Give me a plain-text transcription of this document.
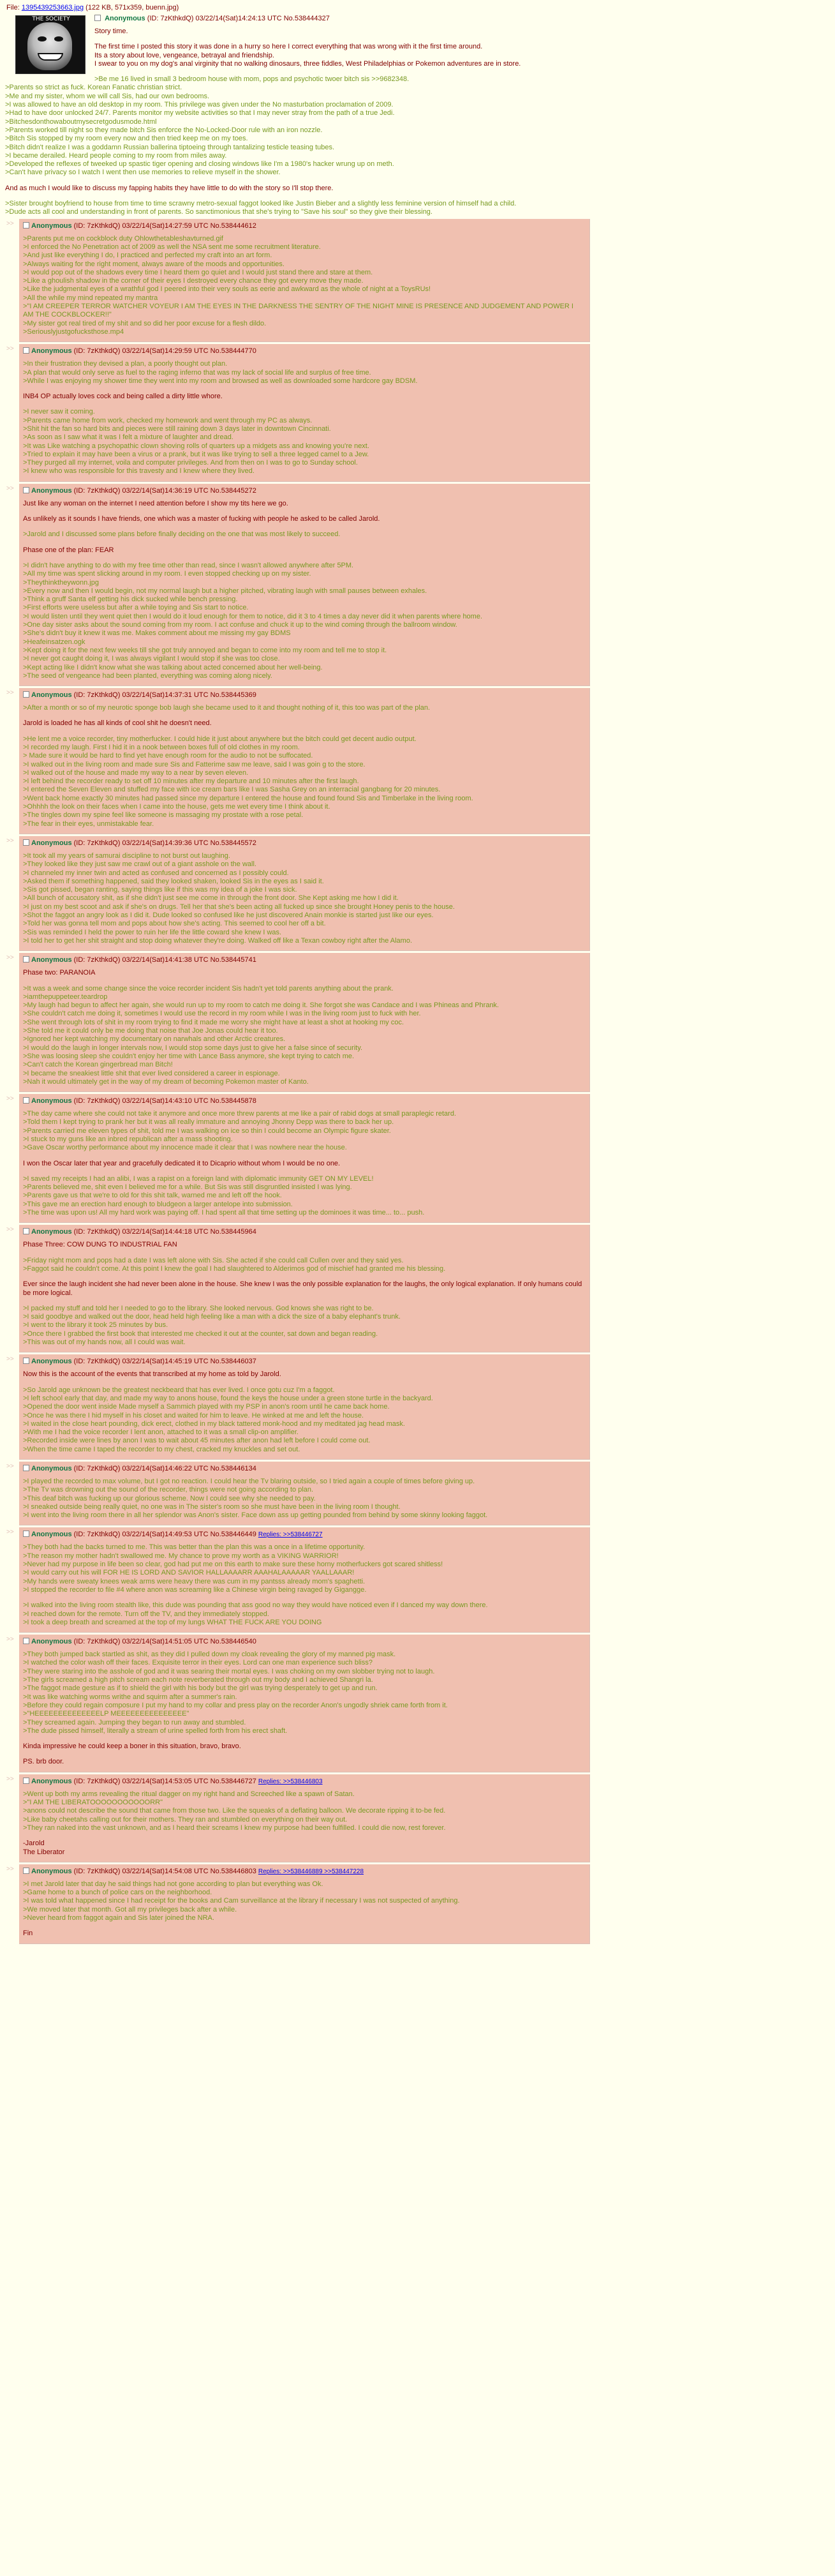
File: 1395439253663.jpg (122 KB, 571x359, buenn.jpg)
THE SOCIETY	Anonymous (ID: 7zKthkdQ) 03/22/14(Sat)14:24:13 UTC No.538444327

Story time.

The first time I posted this story it was done in a hurry so here I correct everything that was wrong with it the first time around.

Its a story about love, vengeance, betrayal and friendship.

I swear to you on my dog's anal virginity that no walking dinosaurs, three fiddles, West Philadelphias or Pokemon adventures are in store.

>Be me 16 lived in small 3 bedroom house with mom, pops and psychotic twoer bitch sis >>9682348.

>Parents so strict as fuck. Korean Fanatic christian strict.

>Me and my sister, whom we will call Sis, had our own bedrooms.

>I was allowed to have an old desktop in my room. This privilege was given under the No masturbation proclamation of 2009.

>Had to have door unlocked 24/7. Parents monitor my website activities so that I may never stray from the path of a true Jedi.

>Bitchesdonthowaboutmysecretgodusmode.html

>Parents worked till night so they made bitch Sis enforce the No-Locked-Door rule with an iron nozzle.

>Bitch Sis stopped by my room every now and then tried keep me on my toes.

>Bitch didn't realize I was a goddamn Russian ballerina tiptoeing through tantalizing testicle teasing tubes.

>I became derailed. Heard people coming to my room from miles away.

>Developed the reflexes of tweeked up spastic tiger opening and closing windows like I'm a 1980's hacker wrung up on meth.

>Can't have privacy so I watch I went then use memories to relieve myself in the shower.

And as much I would like to discuss my fapping habits they have little to do with the story so I'll stop there.

>Sister brought boyfriend to house from time to time scrawny metro-sexual faggot looked like Justin Bieber and a slightly less feminine version of himself had a child.

>Dude acts all cool and understanding in front of parents. So sanctimonious that she's trying to "Save his soul" so they give their blessing.

>>	Anonymous (ID: 7zKthkdQ) 03/22/14(Sat)14:27:59 UTC No.538444612

>Parents put me on cockblock duty Ohlowthetableshavturned.gif

>I enforced the No Penetration act of 2009 as well the NSA sent me some recruitment literature.

>And just like everything I do, I practiced and perfected my craft into an art form.

>Always waiting for the right moment, always aware of the moods and opportunities.

>I would pop out of the shadows every time I heard them go quiet and I would just stand there and stare at them.

>Like a ghoulish shadow in the corner of their eyes I destroyed every chance they got every move they made.

>Like the judgmental eyes of a wrathful god I peered into their very souls as eerie and awkward as the whole of night at a ToysRUs!

>All the while my mind repeated my mantra

>"I AM CREEPER TERROR WATCHER VOYEUR I AM THE EYES IN THE DARKNESS THE SENTRY OF THE NIGHT MINE IS PRESENCE AND JUDGEMENT AND POWER I AM THE COCKBLOCKER!!"

>My sister got real tired of my shit and so did her poor excuse for a flesh dildo.

>Seriouslyjustgofucksthose.mp4

>>	Anonymous (ID: 7zKthkdQ) 03/22/14(Sat)14:29:59 UTC No.538444770

>In their frustration they devised a plan, a poorly thought out plan.

>A plan that would only serve as fuel to the raging inferno that was my lack of social life and surplus of free time.

>While I was enjoying my shower time they went into my room and browsed as well as downloaded some hardcore gay BDSM.

INB4 OP actually loves cock and being called a dirty little whore.

>I never saw it coming.

>Parents came home from work, checked my homework and went through my PC as always.

>Shit hit the fan so hard bits and pieces were still raining down 3 days later in downtown Cincinnati.

>As soon as I saw what it was I felt a mixture of laughter and dread.

>It was Like watching a psychopathic clown shoving rolls of quarters up a midgets ass and knowing you're next.

>Tried to explain it may have been a virus or a prank, but it was like trying to sell a three legged camel to a Jew.

>They purged all my internet, voila and computer privileges. And from then on I was to go to Sunday school.

>I knew who was responsible for this travesty and I knew where they lived.

>>	Anonymous (ID: 7zKthkdQ) 03/22/14(Sat)14:36:19 UTC No.538445272

Just like any woman on the internet I need attention before I show my tits here we go.

As unlikely as it sounds I have friends, one which was a master of fucking with people he asked to be called Jarold.

>Jarold and I discussed some plans before finally deciding on the one that was most likely to succeed.

Phase one of the plan: FEAR

>I didn't have anything to do with my free time other than read, since I wasn't allowed anywhere after 5PM.

>All my time was spent slicking around in my room. I even stopped checking up on my sister.

>Theythinktheywonn.jpg

>Every now and then I would begin, not my normal laugh but a higher pitched, vibrating laugh with small pauses between exhales.

>Think a gruff Santa elf getting his dick sucked while bench pressing.

>First efforts were useless but after a while toying and Sis start to notice.

>I would listen until they went quiet then I would do it loud enough for them to notice, did it 3 to 4 times a day never did it when parents where home.

>One day sister asks about the sound coming from my room. I act confuse and chuck it up to the wind coming through the ballroom window.

>She's didn't buy it knew it was me. Makes comment about me missing my gay BDMS

>Heafeinsatzen.ogk

>Kept doing it for the next few weeks till she got truly annoyed and began to come into my room and tell me to stop it.

>I never got caught doing it, I was always vigilant I would stop if she was too close.

>Kept acting like I didn't know what she was talking about acted concerned about her well-being.

>The seed of vengeance had been planted, everything was coming along nicely.

>>	Anonymous (ID: 7zKthkdQ) 03/22/14(Sat)14:37:31 UTC No.538445369

>After a month or so of my neurotic sponge bob laugh she became used to it and thought nothing of it, this too was part of the plan.

Jarold is loaded he has all kinds of cool shit he doesn't need.

>He lent me a voice recorder, tiny motherfucker. I could hide it just about anywhere but the bitch could get decent audio output.

>I recorded my laugh. First I hid it in a nook between boxes full of old clothes in my room.

> Made sure it would be hard to find yet have enough room for the audio to not be suffocated.

>I walked out in the living room and made sure Sis and Fatterime saw me leave, said I was goin g to the store.

>I walked out of the house and made my way to a near by seven eleven.

>I left behind the recorder ready to set off 10 minutes after my departure and 10 minutes after the first laugh.

>I entered the Seven Eleven and stuffed my face with ice cream bars like I was Sasha Grey on an interracial gangbang for 20 minutes.

>Went back home exactly 30 minutes had passed since my departure I entered the house and found found Sis and Timberlake in the living room.

>Ohhhh the look on their faces when I came into the house, gets me wet every time I think about it.

>The tingles down my spine feel like someone is massaging my prostate with a rose petal.

>The fear in their eyes, unmistakable fear.

>>	Anonymous (ID: 7zKthkdQ) 03/22/14(Sat)14:39:36 UTC No.538445572

>It took all my years of samurai discipline to not burst out laughing.

>They looked like they just saw me crawl out of a giant asshole on the wall.

>I channeled my inner twin and acted as confused and concerned as I possibly could.

>Asked them if something happened, said they looked shaken, looked Sis in the eyes as I said it.

>Sis got pissed, began ranting, saying things like if this was my idea of a joke I was sick.

>All bunch of accusatory shit, as if she didn't just see me come in through the front door. She Kept asking me how I did it.

>I just on my best scoot and ask if she's on drugs. Tell her that she's been acting all fucked up since she brought Honey penis to the house.

>Shot the faggot an angry look as I did it. Dude looked so confused like he just discovered Anain monkie is started just like our eyes.

>Told her was gonna tell mom and pops about how she's acting. This seemed to cool her off a bit.

>Sis was reminded I held the power to ruin her life the little coward she knew I was.

>I told her to get her shit straight and stop doing whatever they're doing. Walked off like a Texan cowboy right after the Alamo.

>>	Anonymous (ID: 7zKthkdQ) 03/22/14(Sat)14:41:38 UTC No.538445741

Phase two: PARANOIA

>It was a week and some change since the voice recorder incident Sis hadn't yet told parents anything about the prank.

>iamthepuppeteer.teardrop

>My laugh had begun to affect her again, she would run up to my room to catch me doing it. She forgot she was Candace and I was Phineas and Phrank.

>She couldn't catch me doing it, sometimes I would use the record in my room while I was in the living room just to fuck with her.

>She went through lots of shit in my room trying to find it made me worry she might have at least a shot at hooking my coc.

>She told me it could only be me doing that noise that Joe Jonas could hear it too.

>Ignored her kept watching my documentary on narwhals and other Arctic creatures.

>I would do the laugh in longer intervals now, I would stop some days just to give her a false since of security.

>She was loosing sleep she couldn't enjoy her time with Lance Bass anymore, she kept trying to catch me.

>Can't catch the Korean gingerbread man Bitch!

>I became the sneakiest little shit that ever lived considered a career in espionage.

>Nah it would ultimately get in the way of my dream of becoming Pokemon master of Kanto.

>>	Anonymous (ID: 7zKthkdQ) 03/22/14(Sat)14:43:10 UTC No.538445878

>The day came where she could not take it anymore and once more threw parents at me like a pair of rabid dogs at small paraplegic retard.

>Told them I kept trying to prank her but it was all really immature and annoying Jhonny Depp was there to back her up.

>Parents carried me eleven types of shit, told me I was walking on ice so thin I could become an Olympic figure skater.

>I stuck to my guns like an inbred republican after a mass shooting.

>Gave Oscar worthy performance about my innocence made it clear that I was nowhere near the house.

I won the Oscar later that year and gracefully dedicated it to Dicaprio without whom I would be no one.

>I saved my receipts I had an alibi, I was a rapist on a foreign land with diplomatic immunity GET ON MY LEVEL!

>Parents believed me, shit even I believed me for a while. But Sis was still disgruntled insisted I was lying.

>Parents gave us that we're to old for this shit talk, warned me and left off the hook.

>This gave me an erection hard enough to bludgeon a larger antelope into submission.

>The time was upon us! All my hard work was paying off. I had spent all that time setting up the dominoes it was time... to... push.

>>	Anonymous (ID: 7zKthkdQ) 03/22/14(Sat)14:44:18 UTC No.538445964

Phase Three: COW DUNG TO INDUSTRIAL FAN

>Friday night mom and pops had a date I was left alone with Sis. She acted if she could call Cullen over and they said yes.

>Faggot said he couldn't come. At this point I knew the goal I had slaughtered to Alderimos god of mischief had granted me his blessing.

Ever since the laugh incident she had never been alone in the house. She knew I was the only possible explanation for the laughs, the only logical explanation. If only humans could be more logical.

>I packed my stuff and told her I needed to go to the library. She looked nervous. God knows she was right to be.

>I said goodbye and walked out the door, head held high feeling like a man with a dick the size of a baby elephant's trunk.

>I went to the library it took 25 minutes by bus.

>Once there I grabbed the first book that interested me checked it out at the counter, sat down and began reading.

>This was out of my hands now, all I could was wait.

>>	Anonymous (ID: 7zKthkdQ) 03/22/14(Sat)14:45:19 UTC No.538446037

Now this is the account of the events that transcribed at my home as told by Jarold.

>So Jarold age unknown be the greatest neckbeard that has ever lived. I once gotu cuz I'm a faggot.

>I left school early that day, and made my way to anons house, found the keys the house under a green stone turtle in the backyard.

>Opened the door went inside Made myself a Sammich played with my PSP in anon's room until he came back home.

>Once he was there I hid myself in his closet and waited for him to leave. He winked at me and left the house.

>I waited in the close heart pounding, dick erect, clothed in my black tattered monk-hood and my meditated jag head mask.

>With me I had the voice recorder I lent anon, attached to it was a small clip-on amplifier.

>Recorded inside were lines by anon I was to wait about 45 minutes after anon had left before I could come out.

>When the time came I taped the recorder to my chest, cracked my knuckles and set out.

>>	Anonymous (ID: 7zKthkdQ) 03/22/14(Sat)14:46:22 UTC No.538446134

>I played the recorded to max volume, but I got no reaction. I could hear the Tv blaring outside, so I tried again a couple of times before giving up.

>The Tv was drowning out the sound of the recorder, things were not going according to plan.

>This deaf bitch was fucking up our glorious scheme. Now I could see why she needed to pay.

>I sneaked outside being really quiet, no one was in The sister's room so she must have been in the living room I thought.

>I went into the living room there in all her splendor was Anon's sister. Face down ass up getting pounded from behind by some skinny looking faggot.

>>	Anonymous (ID: 7zKthkdQ) 03/22/14(Sat)14:49:53 UTC No.538446449 Replies: >>538446727

>They both had the backs turned to me. This was better than the plan this was a once in a lifetime opportunity.

>The reason my mother hadn't swallowed me. My chance to prove my worth as a VIKING WARRIOR!

>Never had my purpose in life been so clear, god had put me on this earth to make sure these horny motherfuckers got scared shitless!

>I would carry out his will FOR HE IS LORD AND SAVIOR HALLAAAARR AAAHALAAAAAR YAALLAAAR!

>My hands were sweaty knees weak arms were heavy there was cum in my pantsss already mom's spaghetti.

>I stopped the recorder to file #4 where anon was screaming like a Chinese virgin being ravaged by Gigangge.

>I walked into the living room stealth like, this dude was pounding that ass good no way they would have noticed even if I danced my way down there.

>I reached down for the remote. Turn off the TV, and they immediately stopped.

>I took a deep breath and screamed at the top of my lungs WHAT THE FUCK ARE YOU DOING

>>	Anonymous (ID: 7zKthkdQ) 03/22/14(Sat)14:51:05 UTC No.538446540

>They both jumped back startled as shit, as they did I pulled down my cloak revealing the glory of my manned pig mask.

>I watched the color wash off their faces. Exquisite terror in their eyes. Lord can one man experience such bliss?

>They were staring into the asshole of god and it was searing their mortal eyes. I was choking on my own slobber trying not to laugh.

>The girls screamed a high pitch scream each note reverberated through out my body and I achieved Shangri la.

>The faggot made gesture as if to shield the girl with his body but the girl was trying desperately to get up and run.

>It was like watching worms writhe and squirm after a summer's rain.

>Before they could regain composure I put my hand to my collar and press play on the recorder Anon's ungodly shriek came forth from it.

>"HEEEEEEEEEEEEEELP MEEEEEEEEEEEEEEE"

>They screamed again. Jumping they began to run away and stumbled.

>The dude pissed himself, literally a stream of urine spelled forth from his erect shaft.

Kinda impressive he could keep a boner in this situation, bravo, bravo.

PS. brb door.

>>	Anonymous (ID: 7zKthkdQ) 03/22/14(Sat)14:53:05 UTC No.538446727 Replies: >>538446803

>Went up both my arms revealing the ritual dagger on my right hand and Screeched like a spawn of Satan.

>"I AM THE LIBERATOOOOOOOOOOORR"

>anons could not describe the sound that came from those two. Like the squeaks of a deflating balloon. We decorate ripping it to-be fed.

>Like baby cheetahs calling out for their mothers. They ran and stumbled on everything on their way out.

>They ran naked into the vast unknown, and as I heard their screams I knew my purpose had been fulfilled. I could die now, rest forever.

-Jarold

The Liberator

>>	Anonymous (ID: 7zKthkdQ) 03/22/14(Sat)14:54:08 UTC No.538446803 Replies: >>538446889 >>538447228

>I met Jarold later that day he said things had not gone according to plan but everything was Ok.

>Game home to a bunch of police cars on the neighborhood.

>I was told what happened since I had receipt for the books and Cam surveillance at the library if necessary I was not suspected of anything.

>We moved later that month. Got all my privileges back after a while.

>Never heard from faggot again and Sis later joined the NRA.

Fin
